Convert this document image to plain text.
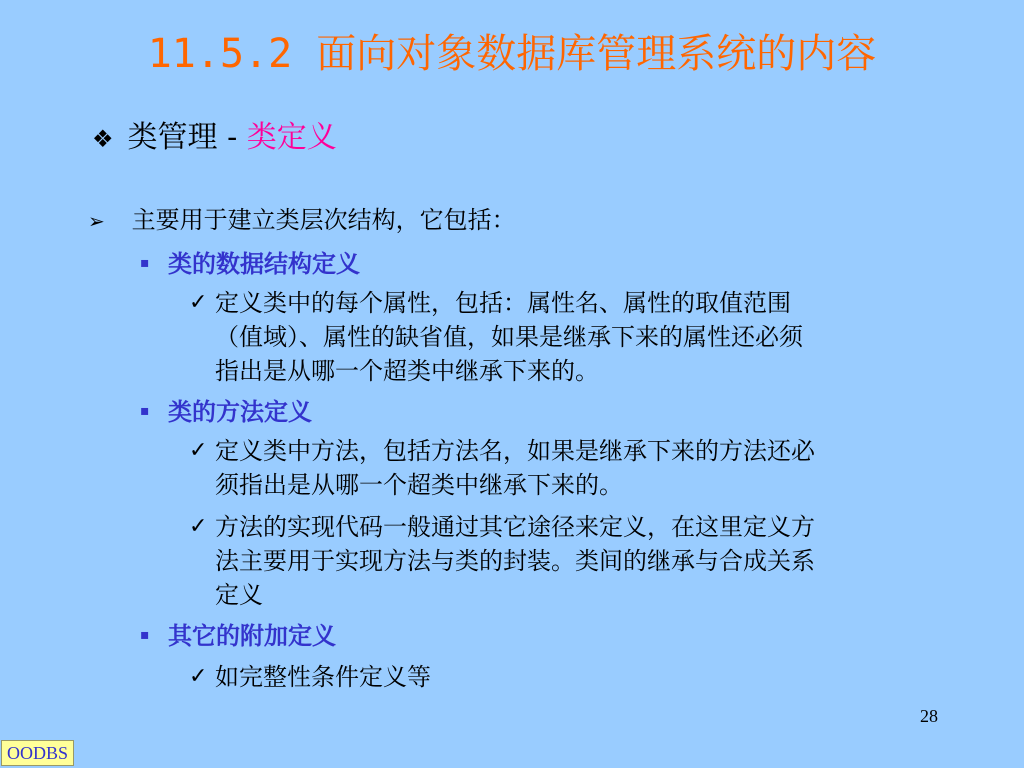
11.5.2 面向对象数据库管理系统的内容
❖ 类管理 - 类定义
➢ 主要用于建立类层次结构，它包括：
▪ 类的数据结构定义
✓ 定义类中的每个属性，包括：属性名、属性的取值范围
（值域）、属性的缺省值，如果是继承下来的属性还必须
指出是从哪一个超类中继承下来的。
▪ 类的方法定义
✓ 定义类中方法，包括方法名，如果是继承下来的方法还必
须指出是从哪一个超类中继承下来的。
✓ 方法的实现代码一般通过其它途径来定义，在这里定义方
法主要用于实现方法与类的封装。类间的继承与合成关系
定义
▪ 其它的附加定义
✓ 如完整性条件定义等
28
OODBS
